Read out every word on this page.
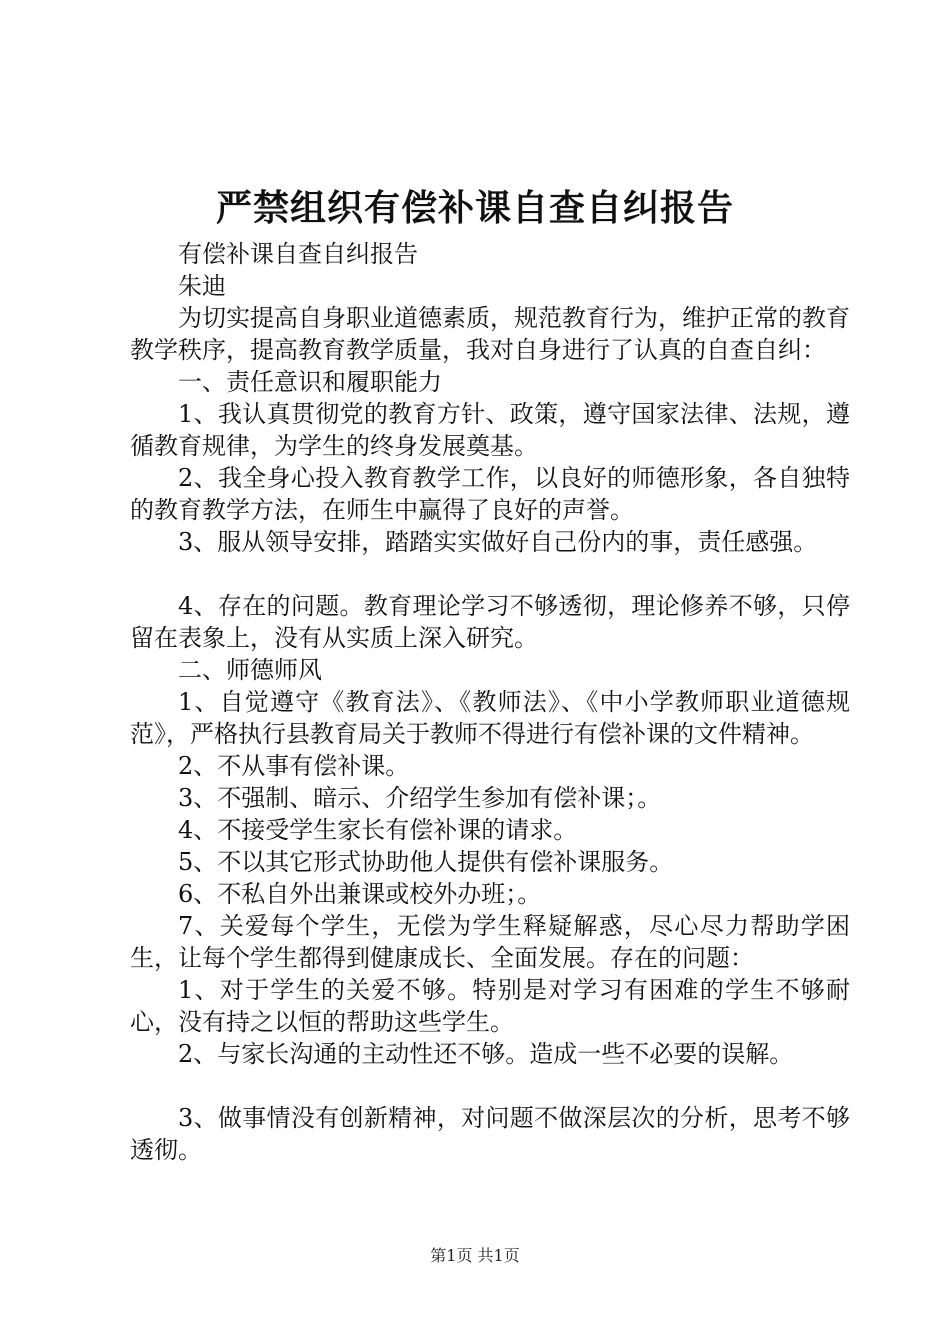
严禁组织有偿补课自查自纠报告

有偿补课自查自纠报告

朱迪

为切实提高自身职业道德素质，规范教育行为，维护正常的教育教学秩序，提高教育教学质量，我对自身进行了认真的自查自纠：

一、责任意识和履职能力

1、我认真贯彻党的教育方针、政策，遵守国家法律、法规，遵循教育规律，为学生的终身发展奠基。

2、我全身心投入教育教学工作，以良好的师德形象，各自独特的教育教学方法，在师生中赢得了良好的声誉。

3、服从领导安排，踏踏实实做好自己份内的事，责任感强。

4、存在的问题。教育理论学习不够透彻，理论修养不够，只停留在表象上，没有从实质上深入研究。

二、师德师风

1、自觉遵守《教育法》、《教师法》、《中小学教师职业道德规范》，严格执行县教育局关于教师不得进行有偿补课的文件精神。

2、不从事有偿补课。

3、不强制、暗示、介绍学生参加有偿补课；。

4、不接受学生家长有偿补课的请求。

5、不以其它形式协助他人提供有偿补课服务。

6、不私自外出兼课或校外办班；。

7、关爱每个学生，无偿为学生释疑解惑，尽心尽力帮助学困生，让每个学生都得到健康成长、全面发展。存在的问题：

1、对于学生的关爱不够。特别是对学习有困难的学生不够耐心，没有持之以恒的帮助这些学生。

2、与家长沟通的主动性还不够。造成一些不必要的误解。

3、做事情没有创新精神，对问题不做深层次的分析，思考不够透彻。

第1页 共1页
